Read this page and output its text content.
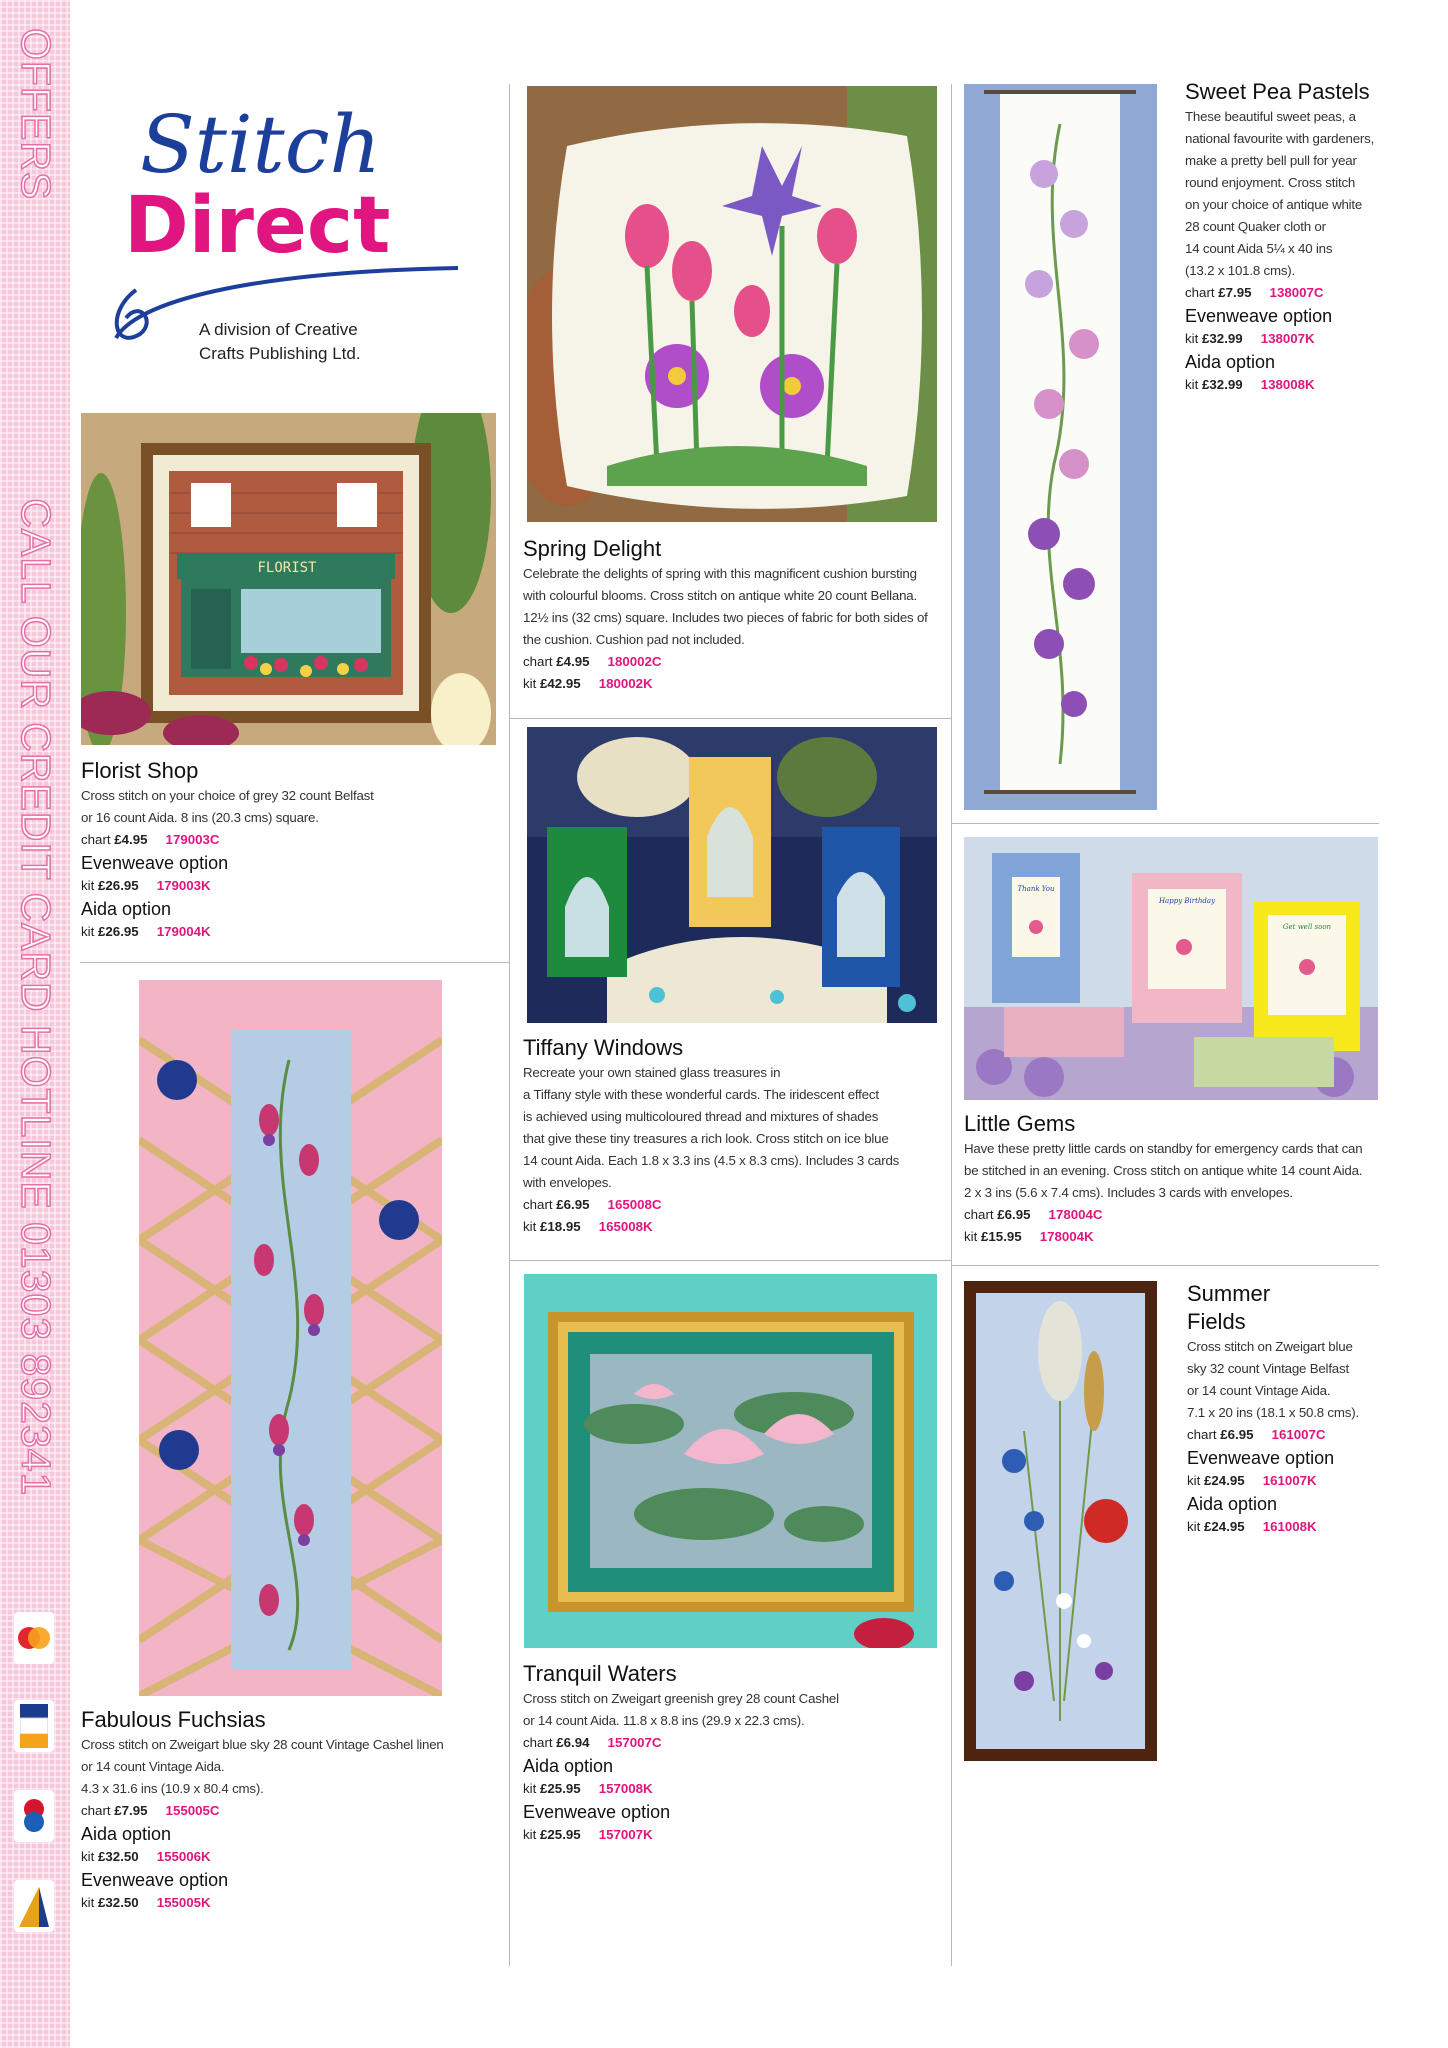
OFFERSCALL OUR CREDIT CARD HOTLINE 01303 892341
Stitch
Direct
A division of Creative
Crafts Publishing Ltd.
FLORIST
Florist Shop
Cross stitch on your choice of grey 32 count Belfast
or 16 count Aida. 8 ins (20.3 cms) square.
chart £4.95 179003C
Evenweave option
kit £26.95 179003K
Aida option
kit £26.95 179004K
Spring Delight
Celebrate the delights of spring with this magnificent cushion bursting
with colourful blooms. Cross stitch on antique white 20 count Bellana.
12½ ins (32 cms) square. Includes two pieces of fabric for both sides of
the cushion. Cushion pad not included.
chart £4.95 180002C
kit £42.95 180002K
Sweet Pea Pastels
These beautiful sweet peas, a
national favourite with gardeners,
make a pretty bell pull for year
round enjoyment. Cross stitch
on your choice of antique white
28 count Quaker cloth or
14 count Aida 5¼ x 40 ins
(13.2 x 101.8 cms).
chart £7.95 138007C
Evenweave option
kit £32.99 138007K
Aida option
kit £32.99 138008K
Tiffany Windows
Recreate your own stained glass treasures in
a Tiffany style with these wonderful cards. The iridescent effect
is achieved using multicoloured thread and mixtures of shades
that give these tiny treasures a rich look. Cross stitch on ice blue
14 count Aida. Each 1.8 x 3.3 ins (4.5 x 8.3 cms). Includes 3 cards
with envelopes.
chart £6.95 165008C
kit £18.95 165008K
Thank You
Happy Birthday
Get well soon
Little Gems
Have these pretty little cards on standby for emergency cards that can
be stitched in an evening. Cross stitch on antique white 14 count Aida.
2 x 3 ins (5.6 x 7.4 cms). Includes 3 cards with envelopes.
chart £6.95 178004C
kit £15.95 178004K
Fabulous Fuchsias
Cross stitch on Zweigart blue sky 28 count Vintage Cashel linen
or 14 count Vintage Aida.
4.3 x 31.6 ins (10.9 x 80.4 cms).
chart £7.95 155005C
Aida option
kit £32.50 155006K
Evenweave option
kit £32.50 155005K
Tranquil Waters
Cross stitch on Zweigart greenish grey 28 count Cashel
or 14 count Aida. 11.8 x 8.8 ins (29.9 x 22.3 cms).
chart £6.94 157007C
Aida option
kit £25.95 157008K
Evenweave option
kit £25.95 157007K
Summer
Fields
Cross stitch on Zweigart blue
sky 32 count Vintage Belfast
or 14 count Vintage Aida.
7.1 x 20 ins (18.1 x 50.8 cms).
chart £6.95 161007C
Evenweave option
kit £24.95 161007K
Aida option
kit £24.95 161008K
